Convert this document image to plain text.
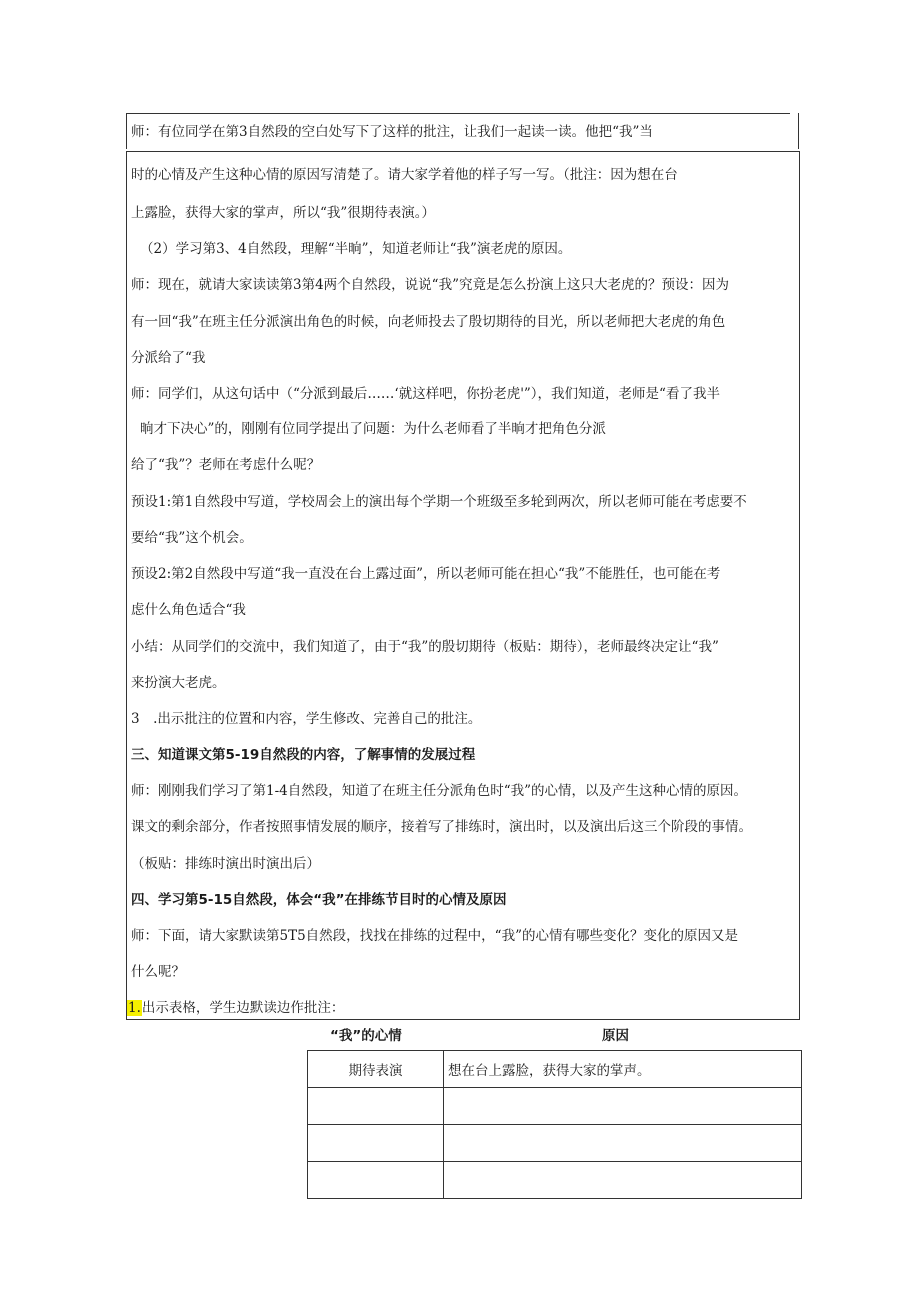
师：有位同学在第3自然段的空白处写下了这样的批注，让我们一起读一读。他把“我”当
时的心情及产生这种心情的原因写清楚了。请大家学着他的样子写一写。（批注：因为想在台
上露脸，获得大家的掌声，所以“我”很期待表演。）
（2）学习第3、4自然段，理解“半晌”，知道老师让“我”演老虎的原因。
师：现在，就请大家读读第3第4两个自然段，说说“我”究竟是怎么扮演上这只大老虎的？预设：因为
有一回“我”在班主任分派演出角色的时候，向老师投去了殷切期待的目光，所以老师把大老虎的角色
分派给了“我
师：同学们，从这句话中（“分派到最后……‘就这样吧，你扮老虎'”），我们知道，老师是“看了我半
晌才下决心”的，刚刚有位同学提出了问题：为什么老师看了半晌才把角色分派
给了“我”？老师在考虑什么呢？
预设1:第1自然段中写道，学校周会上的演出每个学期一个班级至多轮到两次，所以老师可能在考虑要不
要给“我”这个机会。
预设2:第2自然段中写道“我一直没在台上露过面”，所以老师可能在担心“我”不能胜任，也可能在考
虑什么角色适合“我
小结：从同学们的交流中，我们知道了，由于“我”的殷切期待（板贴：期待），老师最终决定让“我”
来扮演大老虎。
3　.出示批注的位置和内容，学生修改、完善自己的批注。
三、知道课文第5-19自然段的内容，了解事情的发展过程
师：刚刚我们学习了第1-4自然段，知道了在班主任分派角色时“我”的心情，以及产生这种心情的原因。
课文的剩余部分，作者按照事情发展的顺序，接着写了排练时，演出时，以及演出后这三个阶段的事情。
（板贴：排练时演出时演出后）
四、学习第5-15自然段，体会“我”在排练节目时的心情及原因
师：下面，请大家默读第5T5自然段，找找在排练的过程中，“我”的心情有哪些变化？变化的原因又是
什么呢？
1.出示表格，学生边默读边作批注：
“我”的心情	原因
期待表演	想在台上露脸，获得大家的掌声。
